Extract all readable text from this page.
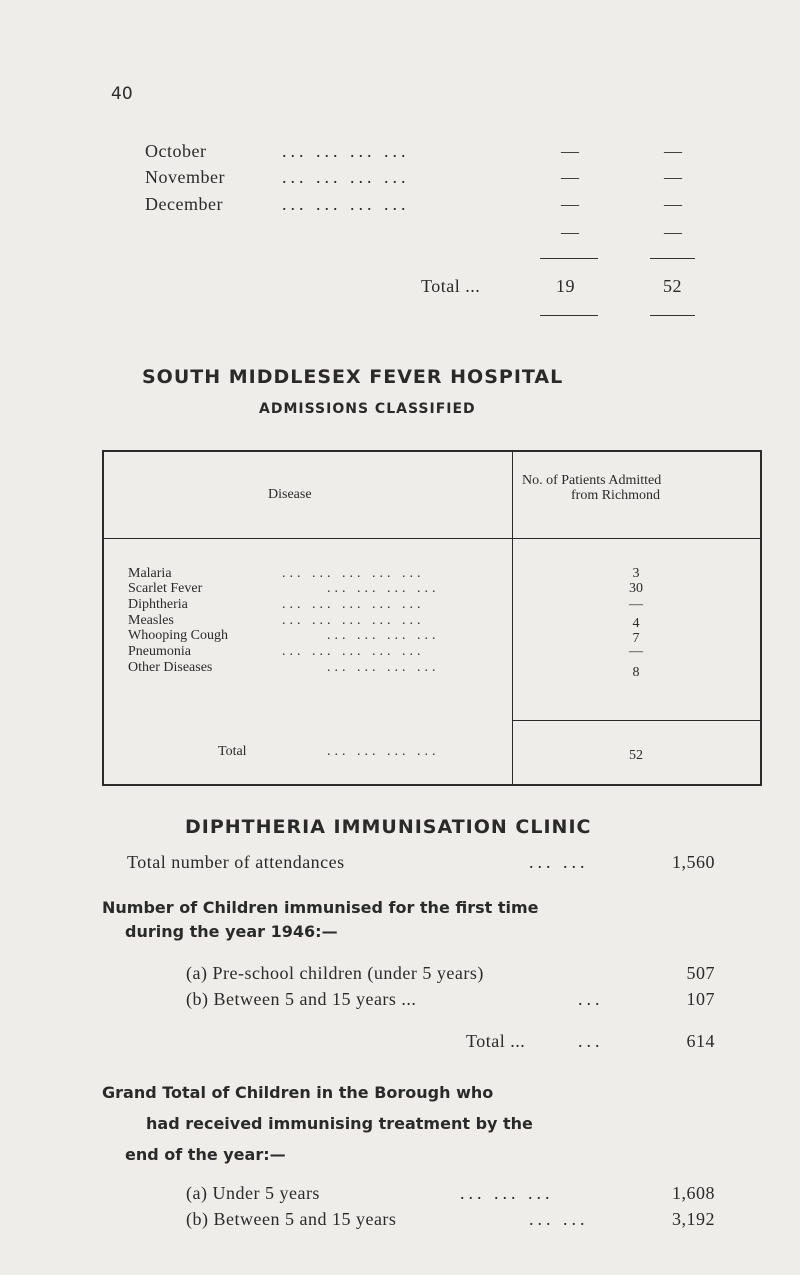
40
October	... ... ... ...	—	—
November	... ... ... ...	—	—
December	... ... ... ...	—	—
—	—
Total ...	19	52
SOUTH MIDDLESEX FEVER HOSPITAL
ADMISSIONS CLASSIFIED
Disease
No. of Patients Admitted
from Richmond
Malaria	... ... ... ... ...	3
Scarlet Fever	... ... ... ...	30
Diphtheria	... ... ... ... ...	—
Measles	... ... ... ... ...	4
Whooping Cough	... ... ... ...	7
Pneumonia	... ... ... ... ...	—
Other Diseases	... ... ... ...	8
Total	... ... ... ...	52
DIPHTHERIA IMMUNISATION CLINIC
Total number of attendances	... ...	1,560
Number of Children immunised for the first time
during the year 1946:—
(a) Pre-school children (under 5 years)	507
(b) Between 5 and 15 years ...	...	107
Total ...	...	614
Grand Total of Children in the Borough who
had received immunising treatment by the
end of the year:—
(a) Under 5 years	... ... ...	1,608
(b) Between 5 and 15 years	... ...	3,192
